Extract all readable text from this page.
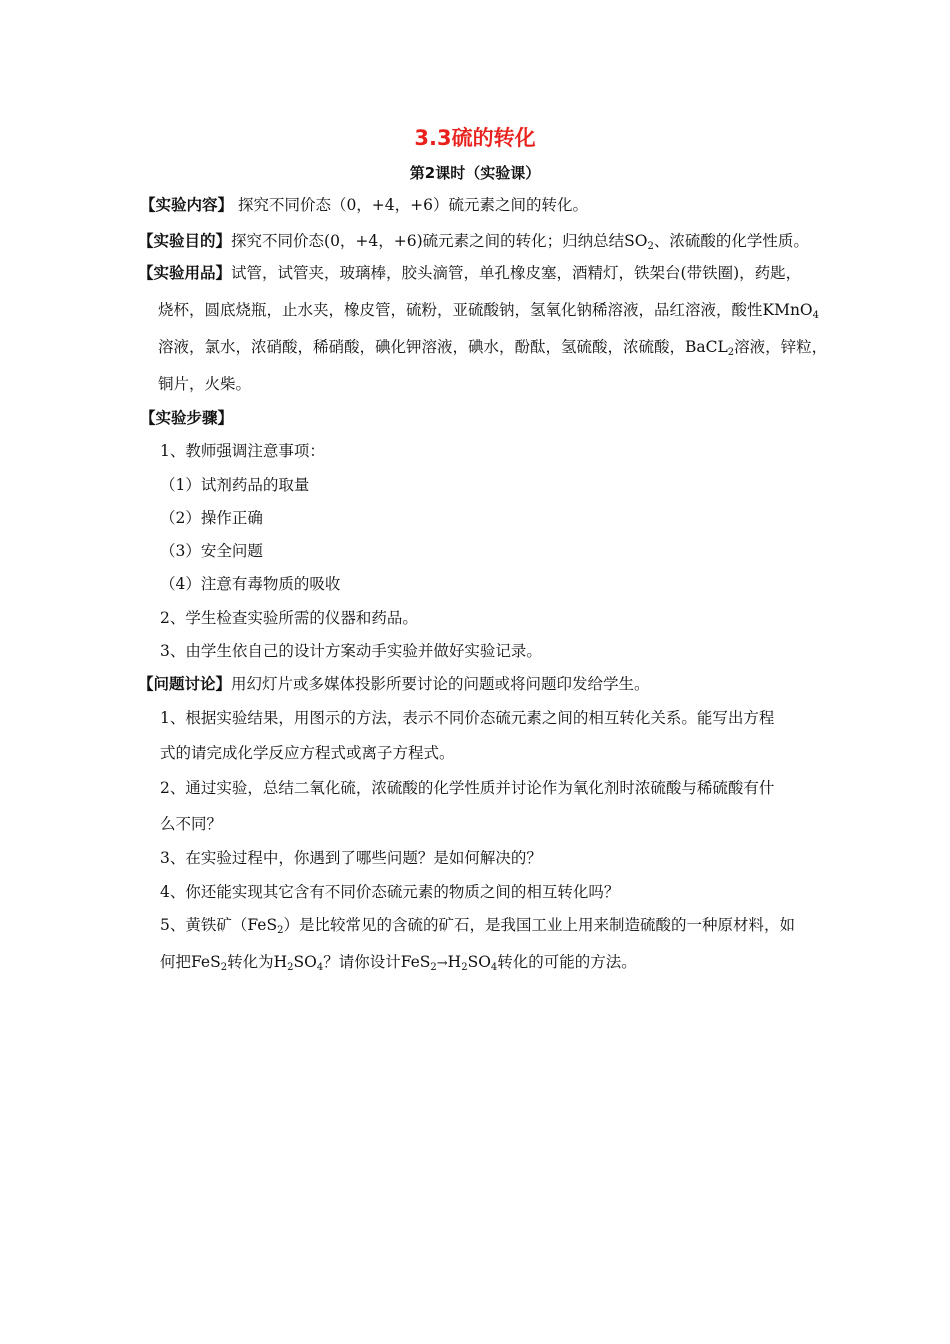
3.3硫的转化
第2课时（实验课）
【实验内容】 探究不同价态（0，+4，+6）硫元素之间的转化。
【实验目的】探究不同价态(0，+4，+6)硫元素之间的转化；归纳总结$SO_2$、浓硫酸的化学性质。
【实验用品】试管，试管夹，玻璃棒，胶头滴管，单孔橡皮塞，酒精灯，铁架台(带铁圈)，药匙，
烧杯，圆底烧瓶，止水夹，橡皮管，硫粉，亚硫酸钠，氢氧化钠稀溶液，品红溶液，酸性KMnO$_4$
溶液，氯水，浓硝酸，稀硝酸，碘化钾溶液，碘水，酚酞，氢硫酸，浓硫酸，BaCL$_2$溶液，锌粒，
铜片，火柴。
【实验步骤】
1、教师强调注意事项：
（1）试剂药品的取量
（2）操作正确
（3）安全问题
（4）注意有毒物质的吸收
2、学生检查实验所需的仪器和药品。
3、由学生依自己的设计方案动手实验并做好实验记录。
【问题讨论】用幻灯片或多媒体投影所要讨论的问题或将问题印发给学生。
1、根据实验结果，用图示的方法，表示不同价态硫元素之间的相互转化关系。能写出方程
式的请完成化学反应方程式或离子方程式。
2、通过实验，总结二氧化硫，浓硫酸的化学性质并讨论作为氧化剂时浓硫酸与稀硫酸有什
么不同？
3、在实验过程中，你遇到了哪些问题？是如何解决的？
4、你还能实现其它含有不同价态硫元素的物质之间的相互转化吗？
5、黄铁矿（FeS$_2$）是比较常见的含硫的矿石，是我国工业上用来制造硫酸的一种原材料，如
何把FeS$_2$转化为$H_2SO_4$？请你设计$FeS_2\to H_2SO_4$转化的可能的方法。
